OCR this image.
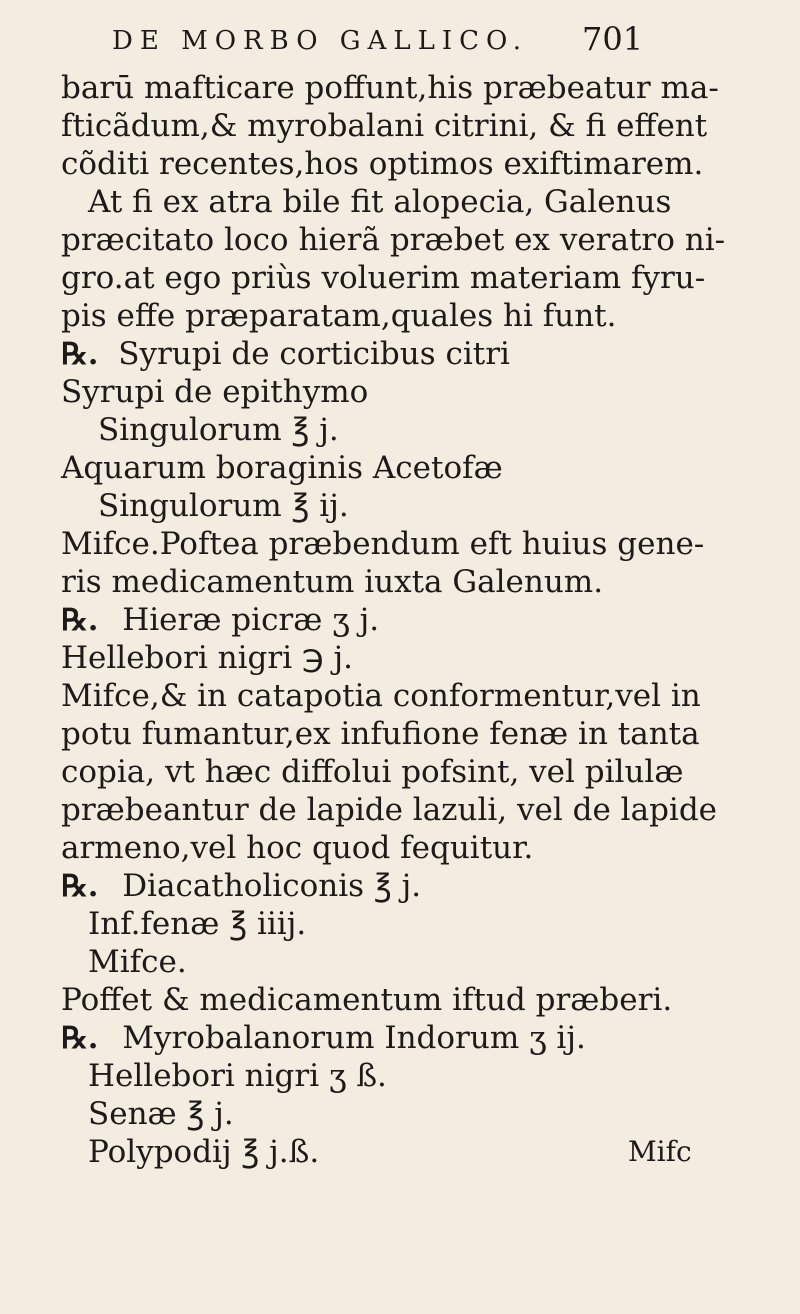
DE MORBO GALLICO. 701
barū mafticare poffunt,his præbeatur ma-
fticãdum,& myrobalani citrini, & fi effent
cõditi recentes,hos optimos exiftimarem.
At fi ex atra bile fit alopecia, Galenus
præcitato loco hierã præbet ex veratro ni-
gro.at ego priùs voluerim materiam fyru-
pis effe præparatam,quales hi funt.
℞. Syrupi de corticibus citri
Syrupi de epithymo
Singulorum ℥ j.
Aquarum boraginis Acetofæ
Singulorum ℥ ij.
Mifce.Poftea præbendum eft huius gene-
ris medicamentum iuxta Galenum.
℞. Hieræ picræ ʒ j.
Hellebori nigri ℈ j.
Mifce,& in catapotia conformentur,vel in
potu fumantur,ex infufione fenæ in tanta
copia, vt hæc diffolui pofsint, vel pilulæ
præbeantur de lapide lazuli, vel de lapide
armeno,vel hoc quod fequitur.
℞. Diacatholiconis ℥ j.
Inf.fenæ ℥ iiij.
Mifce.
Poffet & medicamentum iftud præberi.
℞. Myrobalanorum Indorum ʒ ij.
Hellebori nigri ʒ ß.
Senæ ℥ j.
Polypodij ℥ j.ß.	Mifc
